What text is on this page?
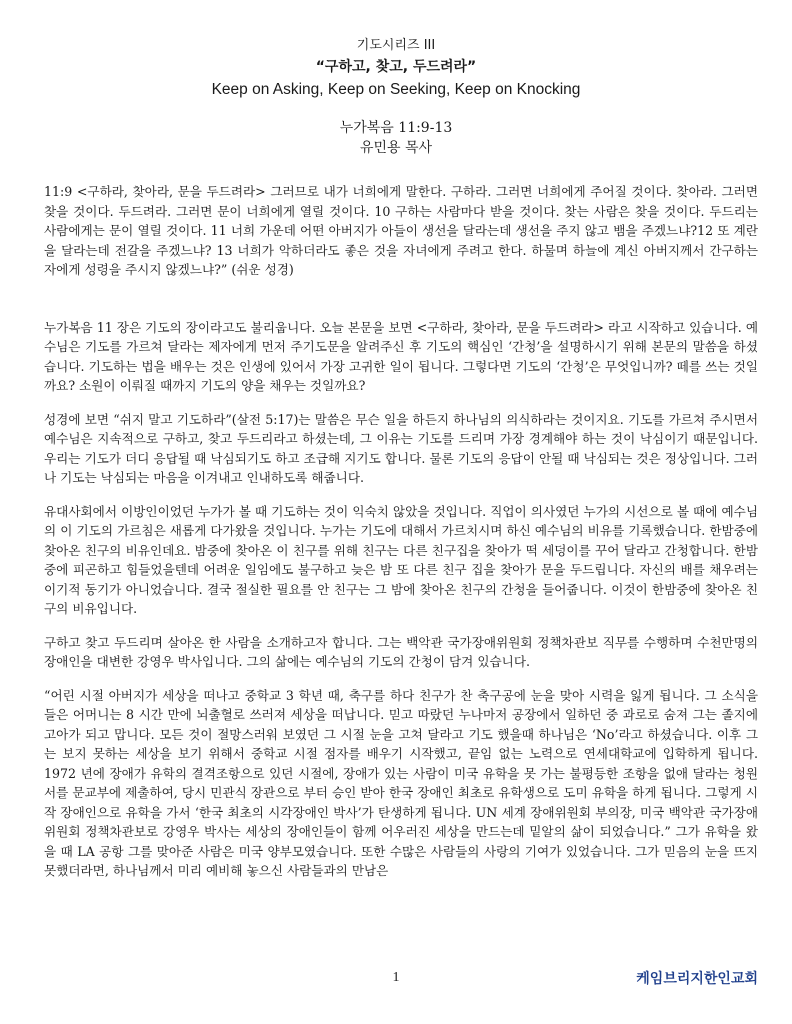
기도시리즈 III
“구하고, 찾고, 두드려라”
Keep on Asking, Keep on Seeking, Keep on Knocking
누가복음 11:9-13
유민용 목사

11:9 <구하라, 찾아라, 문을 두드려라> 그러므로 내가 너희에게 말한다. 구하라. 그러면 너희에게 주어질 것이다. 찾아라. 그러면 찾을 것이다. 두드려라. 그러면 문이 너희에게 열릴 것이다. 10 구하는 사람마다 받을 것이다. 찾는 사람은 찾을 것이다. 두드리는 사람에게는 문이 열릴 것이다. 11 너희 가운데 어떤 아버지가 아들이 생선을 달라는데 생선을 주지 않고 뱀을 주겠느냐?12 또 계란을 달라는데 전갈을 주겠느냐? 13 너희가 악하더라도 좋은 것을 자녀에게 주려고 한다. 하물며 하늘에 계신 아버지께서 간구하는 자에게 성령을 주시지 않겠느냐?” (쉬운 성경)

누가복음 11 장은 기도의 장이라고도 불리웁니다. 오늘 본문을 보면 <구하라, 찾아라, 문을 두드려라> 라고 시작하고 있습니다. 예수님은 기도를 가르쳐 달라는 제자에게 먼저 주기도문을 알려주신 후 기도의 핵심인 ‘간청’을 설명하시기 위해 본문의 말씀을 하셨습니다. 기도하는 법을 배우는 것은 인생에 있어서 가장 고귀한 일이 됩니다. 그렇다면 기도의 ‘간청’은 무엇입니까? 떼를 쓰는 것일까요? 소원이 이뤄질 때까지 기도의 양을 채우는 것일까요?

성경에 보면 “쉬지 말고 기도하라”(살전 5:17)는 말씀은 무슨 일을 하든지 하나님의 의식하라는 것이지요. 기도를 가르쳐 주시면서 예수님은 지속적으로 구하고, 찾고 두드리라고 하셨는데, 그 이유는 기도를 드리며 가장 경계해야 하는 것이 낙심이기 때문입니다. 우리는 기도가 더디 응답될 때 낙심되기도 하고 조급해 지기도 합니다. 물론 기도의 응답이 안될 때 낙심되는 것은 정상입니다. 그러나 기도는 낙심되는 마음을 이겨내고 인내하도록 해줍니다.

유대사회에서 이방인이었던 누가가 볼 때 기도하는 것이 익숙치 않았을 것입니다. 직업이 의사였던 누가의 시선으로 볼 때에 예수님의 이 기도의 가르침은 새롭게 다가왔을 것입니다. 누가는 기도에 대해서 가르치시며 하신 예수님의 비유를 기록했습니다. 한밤중에 찾아온 친구의 비유인데요. 밤중에 찾아온 이 친구를 위해 친구는 다른 친구집을 찾아가 떡 세덩이를 꾸어 달라고 간청합니다. 한밤중에 피곤하고 힘들었을텐데 어려운 일임에도 불구하고 늦은 밤 또 다른 친구 집을 찾아가 문을 두드립니다. 자신의 배를 채우려는 이기적 동기가 아니었습니다. 결국 절실한 필요를 안 친구는 그 밤에 찾아온 친구의 간청을 들어줍니다. 이것이 한밤중에 찾아온 친구의 비유입니다.

구하고 찾고 두드리며 살아온 한 사람을 소개하고자 합니다. 그는 백악관 국가장애위원회 정책차관보 직무를 수행하며 수천만명의 장애인을 대변한 강영우 박사입니다. 그의 삶에는 예수님의 기도의 간청이 담겨 있습니다.

“어린 시절 아버지가 세상을 떠나고 중학교 3 학년 때, 축구를 하다 친구가 찬 축구공에 눈을 맞아 시력을 잃게 됩니다. 그 소식을 들은 어머니는 8 시간 만에 뇌출혈로 쓰러져 세상을 떠납니다. 믿고 따랐던 누나마저 공장에서 일하던 중 과로로 숨져 그는 졸지에 고아가 되고 맙니다. 모든 것이 절망스러워 보였던 그 시절 눈을 고쳐 달라고 기도 했을때 하나님은 ‘No’라고 하셨습니다. 이후 그는 보지 못하는 세상을 보기 위해서 중학교 시절 점자를 배우기 시작했고, 끝임 없는 노력으로 연세대학교에 입학하게 됩니다. 1972 년에 장애가 유학의 결격조항으로 있던 시절에, 장애가 있는 사람이 미국 유학을 못 가는 불평등한 조항을 없애 달라는 청원서를 문교부에 제출하여, 당시 민관식 장관으로 부터 승인 받아 한국 장애인 최초로 유학생으로 도미 유학을 하게 됩니다. 그렇게 시작 장애인으로 유학을 가서 ‘한국 최초의 시각장애인 박사’가 탄생하게 됩니다. UN 세계 장애위원회 부의장, 미국 백악관 국가장애위원회 정책차관보로 강영우 박사는 세상의 장애인들이 함께 어우러진 세상을 만드는데 밑알의 삶이 되었습니다.” 그가 유학을 왔을 때 LA 공항 그를 맞아준 사람은 미국 양부모였습니다. 또한 수많은 사람들의 사랑의 기여가 있었습니다. 그가 믿음의 눈을 뜨지 못했더라면, 하나님께서 미리 예비해 놓으신 사람들과의 만남은

1	케임브리지한인교회
